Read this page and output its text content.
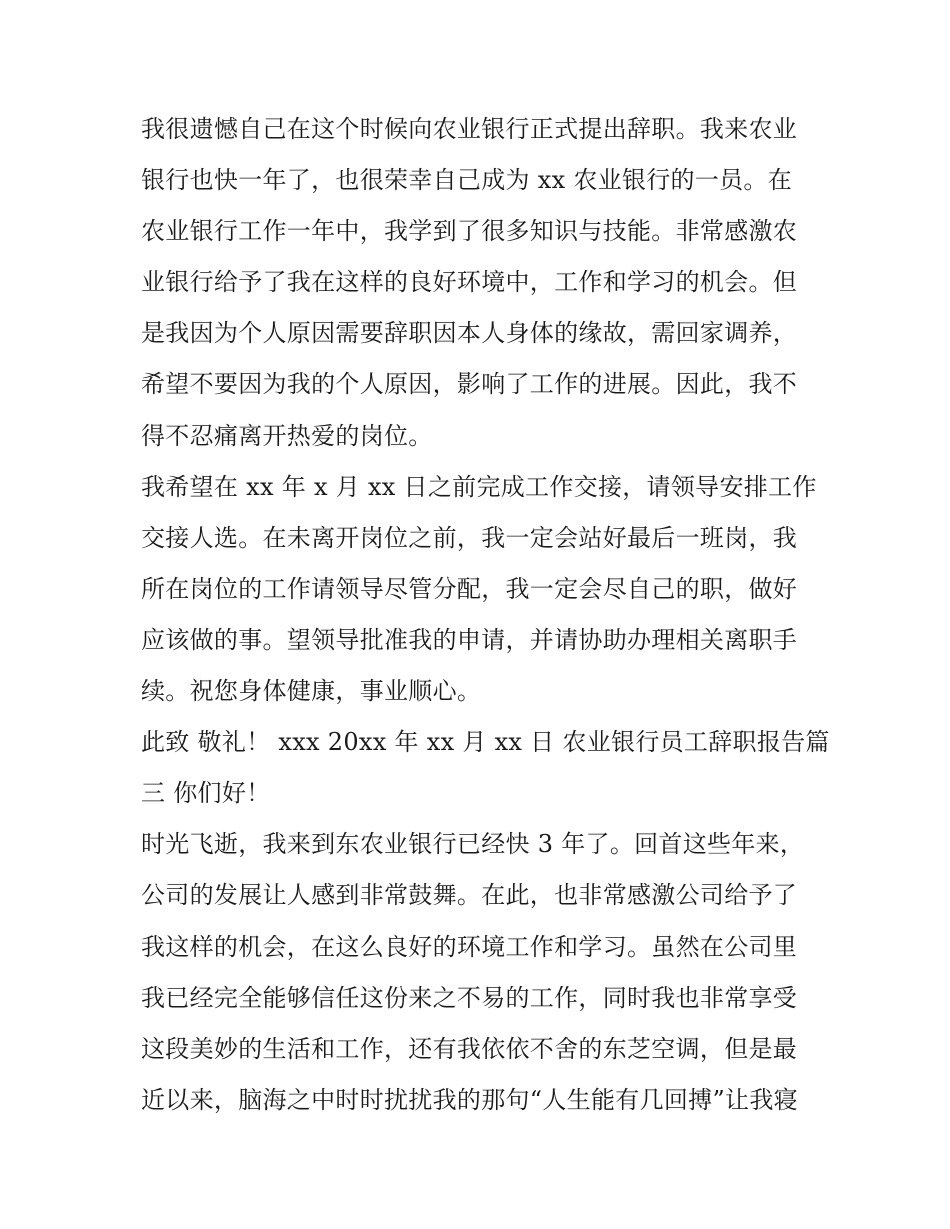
我很遗憾自己在这个时候向农业银行正式提出辞职。我来农业
银行也快一年了，也很荣幸自己成为 xx 农业银行的一员。在
农业银行工作一年中，我学到了很多知识与技能。非常感激农
业银行给予了我在这样的良好环境中，工作和学习的机会。但
是我因为个人原因需要辞职因本人身体的缘故，需回家调养，
希望不要因为我的个人原因，影响了工作的进展。因此，我不
得不忍痛离开热爱的岗位。
我希望在 xx 年 x 月 xx 日之前完成工作交接，请领导安排工作
交接人选。在未离开岗位之前，我一定会站好最后一班岗，我
所在岗位的工作请领导尽管分配，我一定会尽自己的职，做好
应该做的事。望领导批准我的申请，并请协助办理相关离职手
续。祝您身体健康，事业顺心。
此致 敬礼！ xxx 20xx 年 xx 月 xx 日 农业银行员工辞职报告篇
三 你们好！
时光飞逝，我来到东农业银行已经快 3 年了。回首这些年来，
公司的发展让人感到非常鼓舞。在此，也非常感激公司给予了
我这样的机会，在这么良好的环境工作和学习。虽然在公司里
我已经完全能够信任这份来之不易的工作，同时我也非常享受
这段美妙的生活和工作，还有我依依不舍的东芝空调，但是最
近以来，脑海之中时时扰扰我的那句“人生能有几回搏”让我寝
